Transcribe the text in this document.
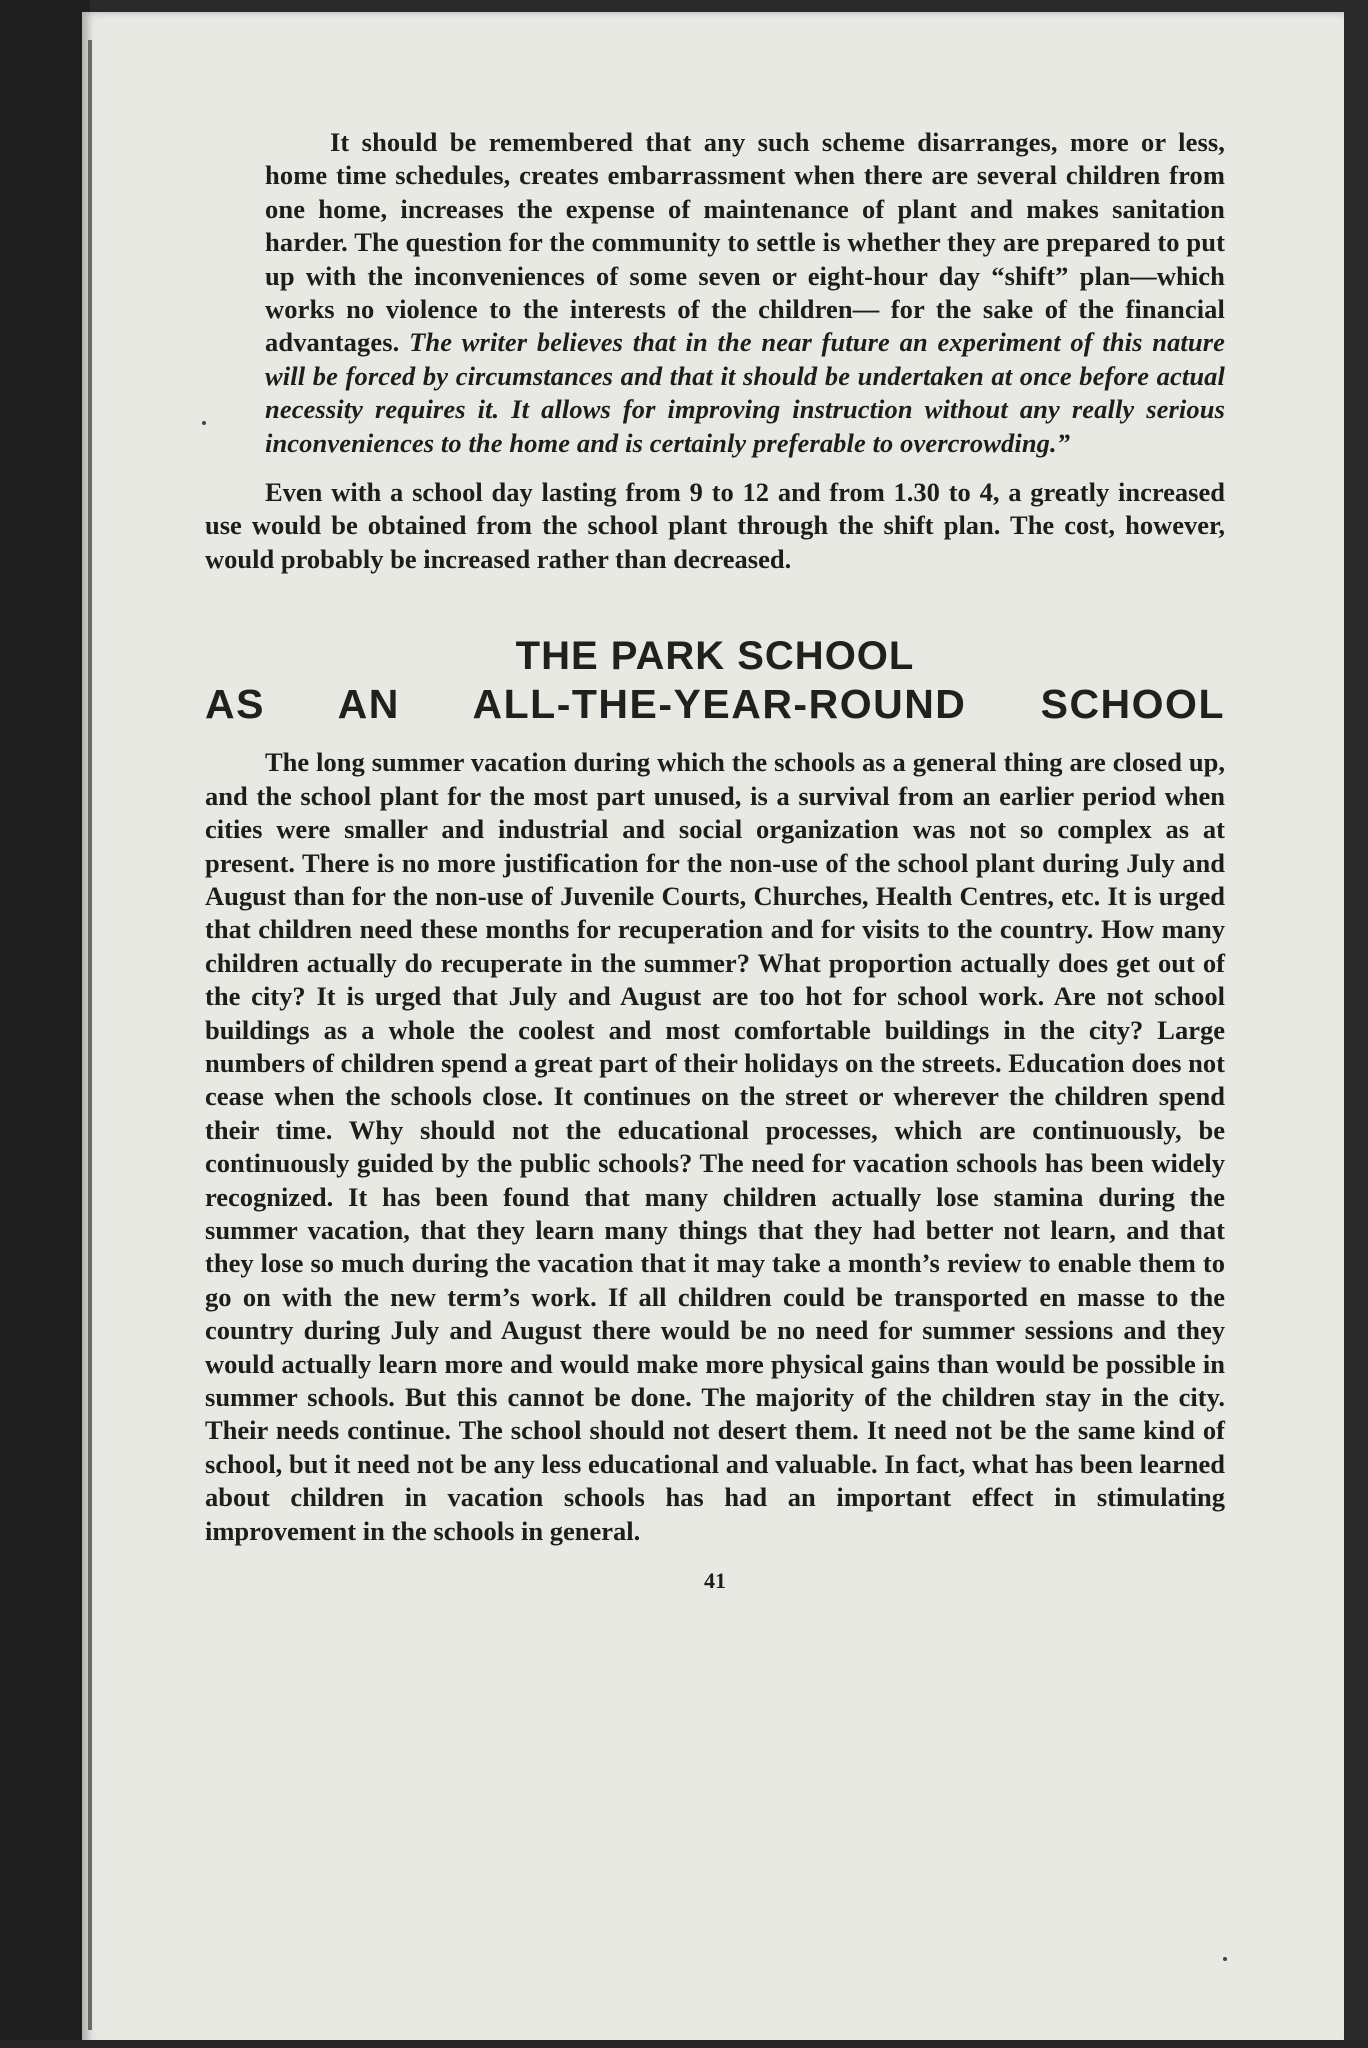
It should be remembered that any such scheme disarranges, more or less, home time schedules, creates embarrassment when there are several children from one home, increases the expense of maintenance of plant and makes sanitation harder. The question for the community to settle is whether they are prepared to put up with the inconveniences of some seven or eight-hour day “shift” plan—which works no violence to the interests of the children— for the sake of the financial advantages. The writer believes that in the near future an experiment of this nature will be forced by circumstances and that it should be undertaken at once before actual necessity requires it. It allows for improving instruction without any really serious inconveniences to the home and is certainly preferable to overcrowding.”

Even with a school day lasting from 9 to 12 and from 1.30 to 4, a greatly increased use would be obtained from the school plant through the shift plan. The cost, however, would probably be increased rather than decreased.

THE PARK SCHOOL
AS AN ALL-THE-YEAR-ROUND SCHOOL

The long summer vacation during which the schools as a general thing are closed up, and the school plant for the most part unused, is a survival from an earlier period when cities were smaller and industrial and social organization was not so complex as at present. There is no more justification for the non-use of the school plant during July and August than for the non-use of Juvenile Courts, Churches, Health Centres, etc. It is urged that children need these months for recuperation and for visits to the country. How many children actually do recuperate in the summer? What proportion actually does get out of the city? It is urged that July and August are too hot for school work. Are not school buildings as a whole the coolest and most comfortable buildings in the city? Large numbers of children spend a great part of their holidays on the streets. Education does not cease when the schools close. It continues on the street or wherever the children spend their time. Why should not the educational processes, which are continuously, be continuously guided by the public schools? The need for vacation schools has been widely recognized. It has been found that many children actually lose stamina during the summer vacation, that they learn many things that they had better not learn, and that they lose so much during the vacation that it may take a month’s review to enable them to go on with the new term’s work. If all children could be transported en masse to the country during July and August there would be no need for summer sessions and they would actually learn more and would make more physical gains than would be possible in summer schools. But this cannot be done. The majority of the children stay in the city. Their needs continue. The school should not desert them. It need not be the same kind of school, but it need not be any less educational and valuable. In fact, what has been learned about children in vacation schools has had an important effect in stimulating improvement in the schools in general.

41
